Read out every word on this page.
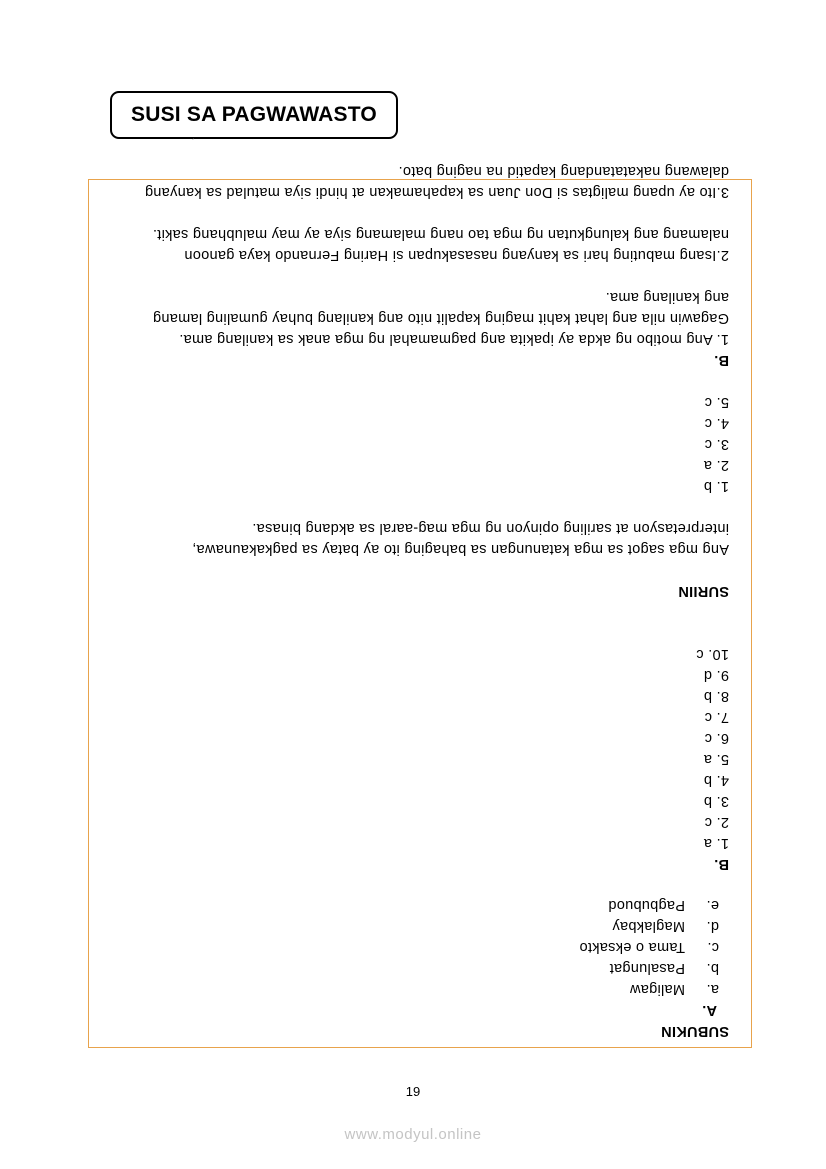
SUSI SA PAGWAWASTO
´

SUBUKIN

A.

a.
Maligaw
b.
Pasalungat
c.
Tama o eksakto
d.
Maglakbay
e.
Pagbubuod

B.

1. a

2. c

3. b

4. b

5. a

6. c

7. c

8. b

9. d

10. c

SURIIN

Ang mga sagot sa mga katanungan sa bahaging ito ay batay sa pagkakaunawa,

interpretasyon at sariling opinyon ng mga mag-aaral sa akdang binasa.

1. b

2. a

3. c

4. c

5. c

B.

1. Ang motibo ng akda ay ipakita ang pagmamahal ng mga anak sa kanilang ama.

Gagawin nila ang lahat kahit maging kapalit nito ang kanilang buhay gumaling lamang

ang kanilang ama.

2.Isang mabuting hari sa kanyang nasasakupan si Haring Fernando kaya ganoon

nalamang ang kalungkutan ng mga tao nang malamang siya ay may malubhang sakit.

3.Ito ay upang maligtas si Don Juan sa kapahamakan at hindi siya matulad sa kanyang

dalawang nakatatandang kapatid na naging bato.

19
www.modyul.online
